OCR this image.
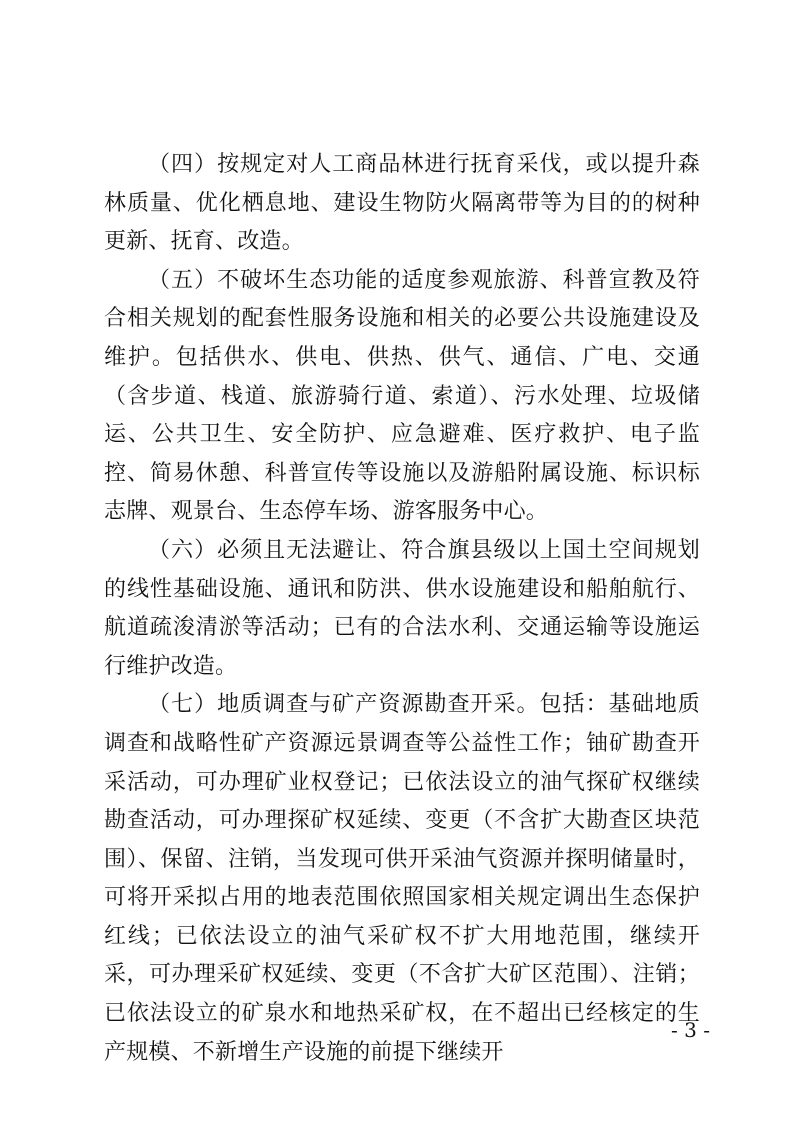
（四）按规定对人工商品林进行抚育采伐，或以提升森林质量、优化栖息地、建设生物防火隔离带等为目的的树种更新、抚育、改造。

（五）不破坏生态功能的适度参观旅游、科普宣教及符合相关规划的配套性服务设施和相关的必要公共设施建设及维护。包括供水、供电、供热、供气、通信、广电、交通（含步道、栈道、旅游骑行道、索道）、污水处理、垃圾储运、公共卫生、安全防护、应急避难、医疗救护、电子监控、简易休憩、科普宣传等设施以及游船附属设施、标识标志牌、观景台、生态停车场、游客服务中心。

（六）必须且无法避让、符合旗县级以上国土空间规划的线性基础设施、通讯和防洪、供水设施建设和船舶航行、航道疏浚清淤等活动；已有的合法水利、交通运输等设施运行维护改造。

（七）地质调查与矿产资源勘查开采。包括：基础地质调查和战略性矿产资源远景调查等公益性工作；铀矿勘查开采活动，可办理矿业权登记；已依法设立的油气探矿权继续勘查活动，可办理探矿权延续、变更（不含扩大勘查区块范围）、保留、注销，当发现可供开采油气资源并探明储量时，可将开采拟占用的地表范围依照国家相关规定调出生态保护红线；已依法设立的油气采矿权不扩大用地范围，继续开采，可办理采矿权延续、变更（不含扩大矿区范围）、注销；已依法设立的矿泉水和地热采矿权，在不超出已经核定的生产规模、不新增生产设施的前提下继续开

- 3 -
